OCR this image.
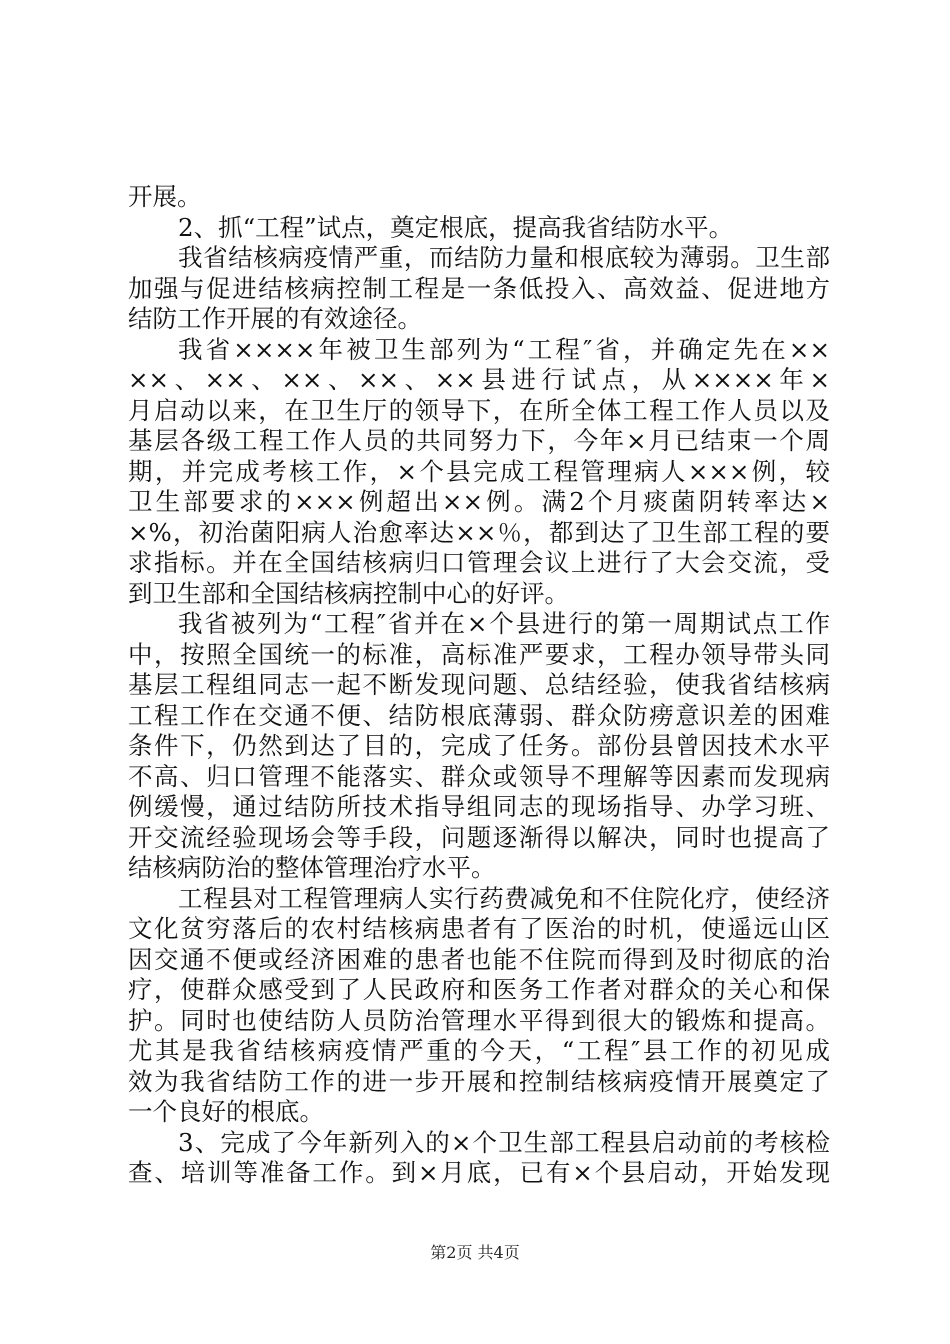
开展。
2、抓“工程”试点，奠定根底，提高我省结防水平。
我省结核病疫情严重，而结防力量和根底较为薄弱。卫生部
加强与促进结核病控制工程是一条低投入、高效益、促进地方
结防工作开展的有效途径。
我省××××年被卫生部列为“工程″省，并确定先在××
××、××、××、××、××县进行试点，从××××年×
月启动以来，在卫生厅的领导下，在所全体工程工作人员以及
基层各级工程工作人员的共同努力下，今年×月已结束一个周
期，并完成考核工作，×个县完成工程管理病人×××例，较
卫生部要求的×××例超出××例。满2个月痰菌阴转率达×
×%，初治菌阳病人治愈率达××％，都到达了卫生部工程的要
求指标。并在全国结核病归口管理会议上进行了大会交流，受
到卫生部和全国结核病控制中心的好评。
我省被列为“工程″省并在×个县进行的第一周期试点工作
中，按照全国统一的标准，高标准严要求，工程办领导带头同
基层工程组同志一起不断发现问题、总结经验，使我省结核病
工程工作在交通不便、结防根底薄弱、群众防痨意识差的困难
条件下，仍然到达了目的，完成了任务。部份县曾因技术水平
不高、归口管理不能落实、群众或领导不理解等因素而发现病
例缓慢，通过结防所技术指导组同志的现场指导、办学习班、
开交流经验现场会等手段，问题逐渐得以解决，同时也提高了
结核病防治的整体管理治疗水平。
工程县对工程管理病人实行药费减免和不住院化疗，使经济
文化贫穷落后的农村结核病患者有了医治的时机，使遥远山区
因交通不便或经济困难的患者也能不住院而得到及时彻底的治
疗，使群众感受到了人民政府和医务工作者对群众的关心和保
护。同时也使结防人员防治管理水平得到很大的锻炼和提高。
尤其是我省结核病疫情严重的今天，“工程″县工作的初见成
效为我省结防工作的进一步开展和控制结核病疫情开展奠定了
一个良好的根底。
3、完成了今年新列入的×个卫生部工程县启动前的考核检
查、培训等准备工作。到×月底，已有×个县启动，开始发现
第2页 共4页
